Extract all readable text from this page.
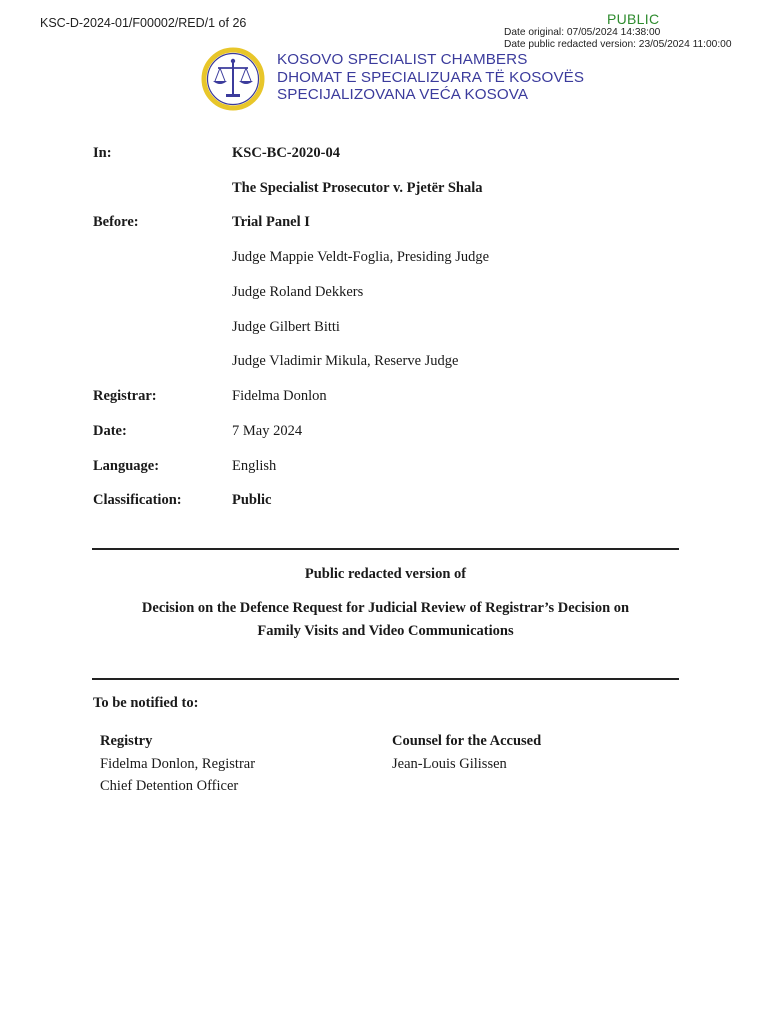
KSC-D-2024-01/F00002/RED/1 of 26	PUBLIC
Date original: 07/05/2024 14:38:00
Date public redacted version: 23/05/2024 11:00:00
KOSOVO SPECIALIST CHAMBERS
DHOMAT E SPECIALIZUARA TË KOSOVËS
SPECIJALIZOVANA VEĆA KOSOVA
In:	KSC-BC-2020-04
The Specialist Prosecutor v. Pjetër Shala
Before:	Trial Panel I
Judge Mappie Veldt-Foglia, Presiding Judge
Judge Roland Dekkers
Judge Gilbert Bitti
Judge Vladimir Mikula, Reserve Judge
Registrar:	Fidelma Donlon
Date:	7 May 2024
Language:	English
Classification:	Public
Public redacted version of
Decision on the Defence Request for Judicial Review of Registrar’s Decision on
Family Visits and Video Communications
To be notified to:
Registry
Fidelma Donlon, Registrar
Chief Detention Officer
Counsel for the Accused
Jean-Louis Gilissen
